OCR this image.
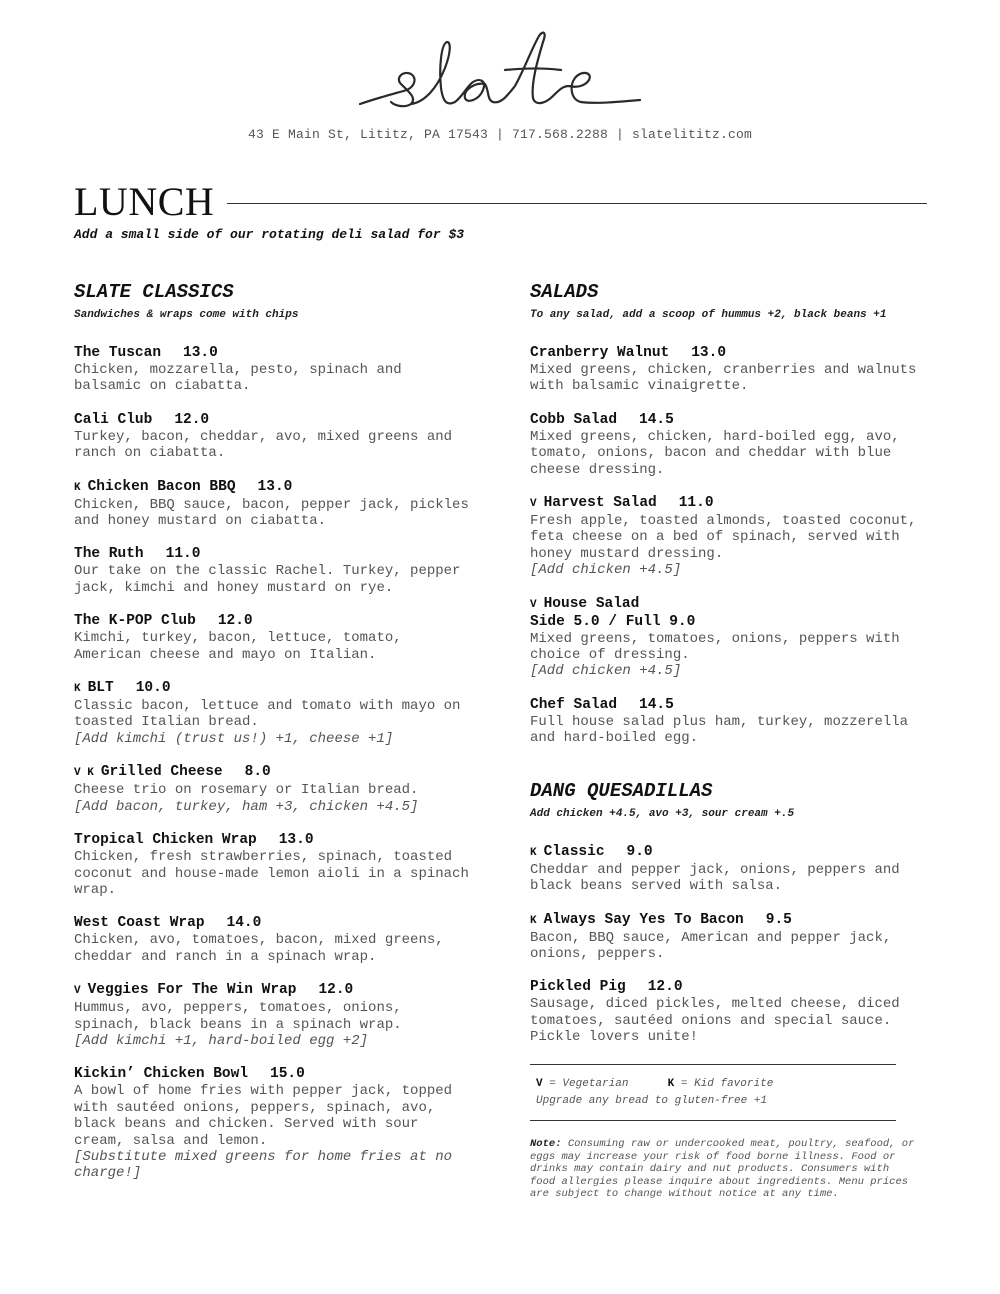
43 E Main St, Lititz, PA 17543 | 717.568.2288 | slatelititz.com
LUNCH
Add a small side of our rotating deli salad for $3
SLATE CLASSICS
Sandwiches & wraps come with chips
The Tuscan 13.0
Chicken, mozzarella, pesto, spinach and balsamic on ciabatta.
Cali Club 12.0
Turkey, bacon, cheddar, avo, mixed greens and ranch on ciabatta.
K Chicken Bacon BBQ 13.0
Chicken, BBQ sauce, bacon, pepper jack, pickles and honey mustard on ciabatta.
The Ruth 11.0
Our take on the classic Rachel. Turkey, pepper jack, kimchi and honey mustard on rye.
The K-POP Club 12.0
Kimchi, turkey, bacon, lettuce, tomato, American cheese and mayo on Italian.
K BLT 10.0
Classic bacon, lettuce and tomato with mayo on toasted Italian bread.
[Add kimchi (trust us!) +1, cheese +1]
V K Grilled Cheese 8.0
Cheese trio on rosemary or Italian bread.
[Add bacon, turkey, ham +3, chicken +4.5]
Tropical Chicken Wrap 13.0
Chicken, fresh strawberries, spinach, toasted coconut and house-made lemon aioli in a spinach wrap.
West Coast Wrap 14.0
Chicken, avo, tomatoes, bacon, mixed greens, cheddar and ranch in a spinach wrap.
V Veggies For The Win Wrap 12.0
Hummus, avo, peppers, tomatoes, onions, spinach, black beans in a spinach wrap.
[Add kimchi +1, hard-boiled egg +2]
Kickin’ Chicken Bowl 15.0
A bowl of home fries with pepper jack, topped with sautéed onions, peppers, spinach, avo, black beans and chicken. Served with sour cream, salsa and lemon.
[Substitute mixed greens for home fries at no charge!]
SALADS
To any salad, add a scoop of hummus +2, black beans +1
Cranberry Walnut 13.0
Mixed greens, chicken, cranberries and walnuts with balsamic vinaigrette.
Cobb Salad 14.5
Mixed greens, chicken, hard-boiled egg, avo, tomato, onions, bacon and cheddar with blue cheese dressing.
V Harvest Salad 11.0
Fresh apple, toasted almonds, toasted coconut, feta cheese on a bed of spinach, served with honey mustard dressing.
[Add chicken +4.5]
V House Salad
Side 5.0 / Full 9.0
Mixed greens, tomatoes, onions, peppers with choice of dressing.
[Add chicken +4.5]
Chef Salad 14.5
Full house salad plus ham, turkey, mozzerella and hard-boiled egg.
DANG QUESADILLAS
Add chicken +4.5, avo +3, sour cream +.5
K Classic 9.0
Cheddar and pepper jack, onions, peppers and black beans served with salsa.
K Always Say Yes To Bacon 9.5
Bacon, BBQ sauce, American and pepper jack, onions, peppers.
Pickled Pig 12.0
Sausage, diced pickles, melted cheese, diced tomatoes, sautéed onions and special sauce. Pickle lovers unite!
V = Vegetarian	K = Kid favorite
Upgrade any bread to gluten-free +1
Note: Consuming raw or undercooked meat, poultry, seafood, or eggs may increase your risk of food borne illness. Food or drinks may contain dairy and nut products. Consumers with food allergies please inquire about ingredients. Menu prices are subject to change without notice at any time.
